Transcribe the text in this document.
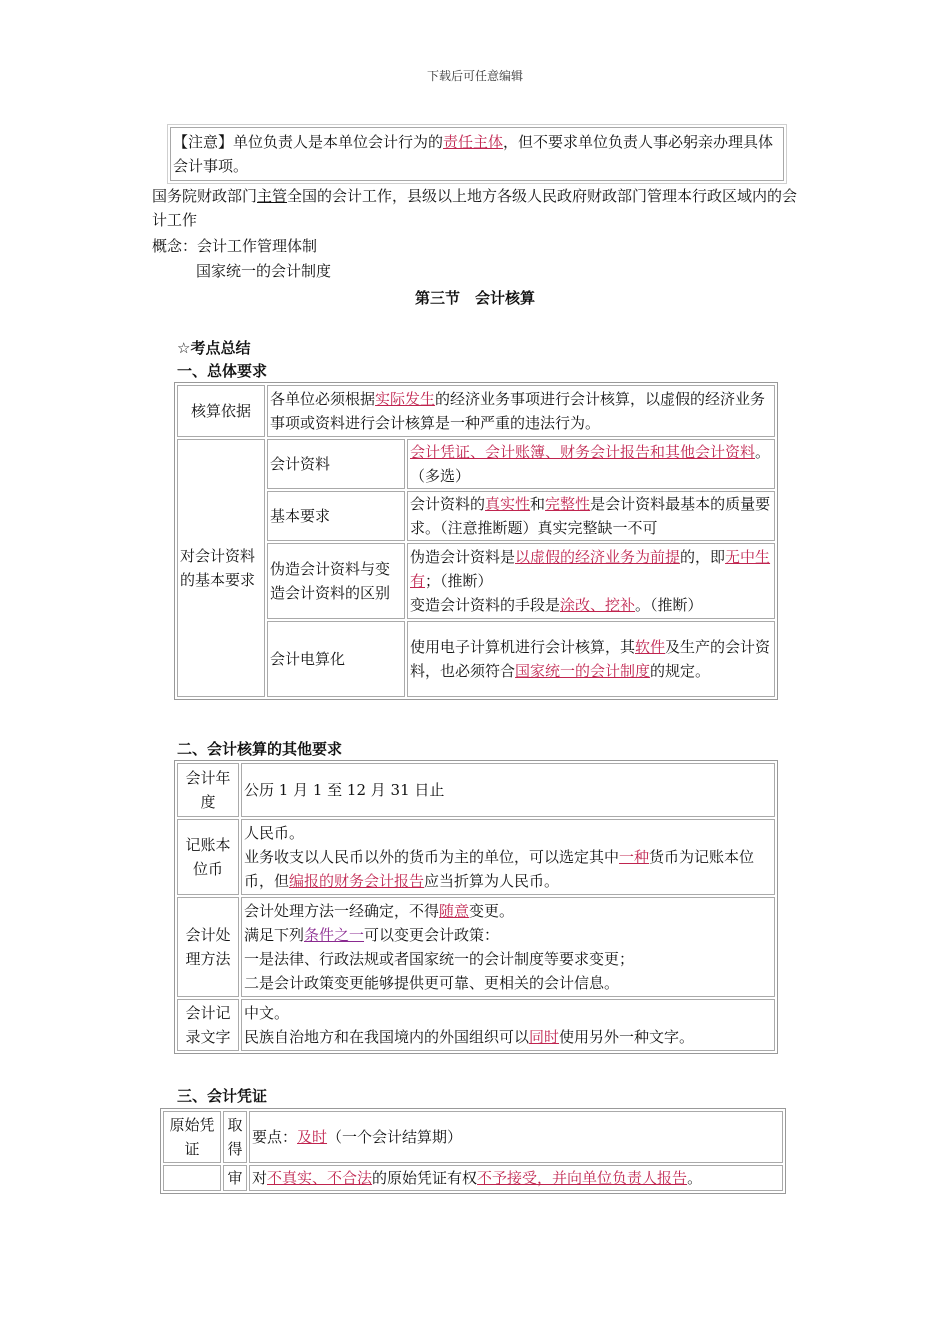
下载后可任意编辑
【注意】单位负责人是本单位会计行为的责任主体，但不要求单位负责人事必躬亲办理具体会计事项。
国务院财政部门主管全国的会计工作，县级以上地方各级人民政府财政部门管理本行政区域内的会计工作
概念：会计工作管理体制
国家统一的会计制度
第三节　会计核算
☆考点总结
一、总体要求
核算依据	各单位必须根据实际发生的经济业务事项进行会计核算，以虚假的经济业务事项或资料进行会计核算是一种严重的违法行为。	
对会计资料的基本要求	会计资料	会计凭证、会计账簿、财务会计报告和其他会计资料。（多选）
	基本要求	会计资料的真实性和完整性是会计资料最基本的质量要求。（注意推断题）真实完整缺一不可
	伪造会计资料与变造会计资料的区别	伪造会计资料是以虚假的经济业务为前提的，即无中生有；（推断）
变造会计资料的手段是涂改、挖补。（推断）
	会计电算化	使用电子计算机进行会计核算，其软件及生产的会计资料，也必须符合国家统一的会计制度的规定。
二、会计核算的其他要求
会计年度	公历 1 月 1 至 12 月 31 日止
记账本位币	人民币。
业务收支以人民币以外的货币为主的单位，可以选定其中一种货币为记账本位币，但编报的财务会计报告应当折算为人民币。
会计处理方法	会计处理方法一经确定，不得随意变更。
满足下列条件之一可以变更会计政策：
一是法律、行政法规或者国家统一的会计制度等要求变更；
二是会计政策变更能够提供更可靠、更相关的会计信息。
会计记录文字	中文。
民族自治地方和在我国境内的外国组织可以同时使用另外一种文字。
三、会计凭证
原始凭证	取得	要点：及时（一个会计结算期）
	审	对不真实、不合法的原始凭证有权不予接受，并向单位负责人报告。
